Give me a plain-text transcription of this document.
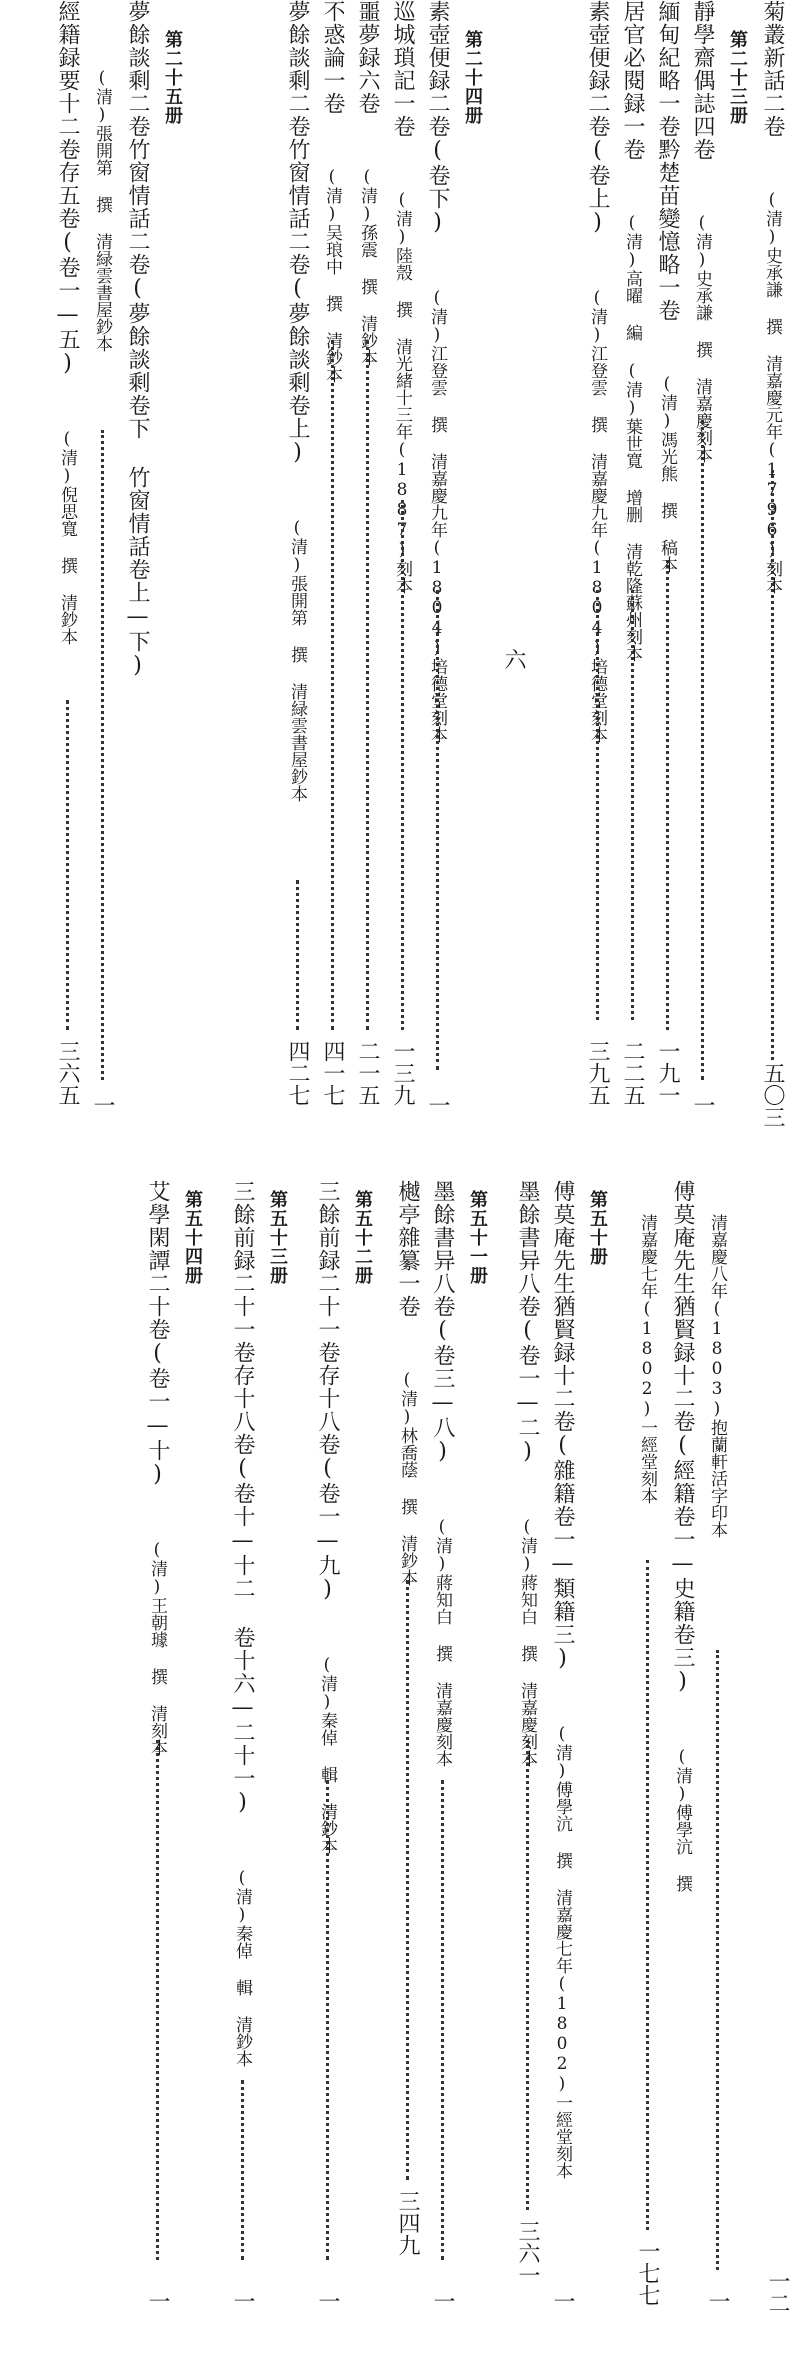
六
菊叢新話二卷  (清)史承謙 撰 清嘉慶元年(1796)刻本
五〇三
第二十三册
靜學齋偶誌四卷  (清)史承謙 撰 清嘉慶刻本
一
緬甸紀略一卷黔楚苗變憶略一卷  (清)馮光熊 撰 稿本
一九一
居官必閱録一卷  (清)高曜 編 (清)葉世寬 增删 清乾隆蘇州刻本
二二五
素壺便録二卷(卷上)  (清)江登雲 撰 清嘉慶九年(1804)培德堂刻本
三九五
第二十四册
素壺便録二卷(卷下)  (清)江登雲 撰 清嘉慶九年(1804)培德堂刻本
一
巡城瑣記一卷  (清)陸殼 撰 清光緒十三年(1887)刻本
一三九
噩夢録六卷  (清)孫震 撰 清鈔本
二一五
不惑論一卷  (清)吴琅中 撰 清鈔本
四一七
夢餘談剩二卷竹窗情話二卷(夢餘談剩卷上)  (清)張開第 撰 清緑雲書屋鈔本
四二七
第二十五册
夢餘談剩二卷竹窗情話二卷(夢餘談剩卷下 竹窗情話卷上—下)
(清)張開第 撰 清緑雲書屋鈔本
一
經籍録要十二卷存五卷(卷一—五)  (清)倪思寬 撰 清鈔本
三六五
一二
清嘉慶八年(1803)抱蘭軒活字印本
一
傅莫庵先生猶賢録十二卷(經籍卷一—史籍卷三)  (清)傅學沆 撰
清嘉慶七年(1802)一經堂刻本
一七七
第五十册
傅莫庵先生猶賢録十二卷(雜籍卷一—類籍三)  (清)傅學沆 撰 清嘉慶七年(1802)一經堂刻本
一
墨餘書异八卷(卷一—二)  (清)蔣知白 撰 清嘉慶刻本
三六一
第五十一册
墨餘書异八卷(卷三—八)  (清)蔣知白 撰 清嘉慶刻本
一
樾亭雜纂一卷  (清)林喬蔭 撰 清鈔本
三四九
第五十二册
三餘前録二十一卷存十八卷(卷一—九)  (清)秦倬 輯 清鈔本
一
第五十三册
三餘前録二十一卷存十八卷(卷十—十二 卷十六—二十一)  (清)秦倬 輯 清鈔本
一
第五十四册
艾學閑譚二十卷(卷一—十)  (清)王朝璩 撰 清刻本
一
